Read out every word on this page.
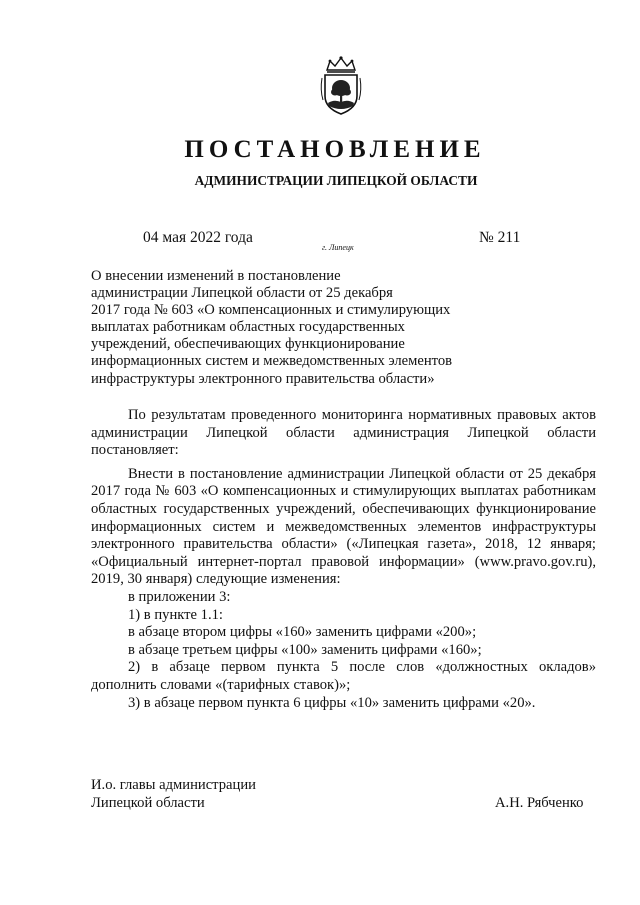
ПОСТАНОВЛЕНИЕ

АДМИНИСТРАЦИИ ЛИПЕЦКОЙ ОБЛАСТИ

04 мая 2022 года

г. Липецк

№ 211

О внесении изменений в постановление
администрации Липецкой области от 25 декабря
2017 года № 603 «О компенсационных и стимулирующих
выплатах работникам областных государственных
учреждений, обеспечивающих функционирование
информационных систем и межведомственных элементов
инфраструктуры электронного правительства области»

По результатам проведенного мониторинга нормативных правовых актов администрации Липецкой области администрация Липецкой области постановляет:

Внести в постановление администрации Липецкой области от 25 декабря 2017 года № 603 «О компенсационных и стимулирующих выплатах работникам областных государственных учреждений, обеспечивающих функционирование информационных систем и межведомственных элементов инфраструктуры электронного правительства области» («Липецкая газета», 2018, 12 января; «Официальный интернет-портал правовой информации» (www.pravo.gov.ru), 2019, 30 января) следующие изменения:

в приложении 3:

1) в пункте 1.1:

в абзаце втором цифры «160» заменить цифрами «200»;

в абзаце третьем цифры «100» заменить цифрами «160»;

2) в абзаце первом пункта 5 после слов «должностных окладов» дополнить словами «(тарифных ставок)»;

3) в абзаце первом пункта 6 цифры «10» заменить цифрами «20».

И.о. главы администрации
Липецкой области	А.Н. Рябченко
